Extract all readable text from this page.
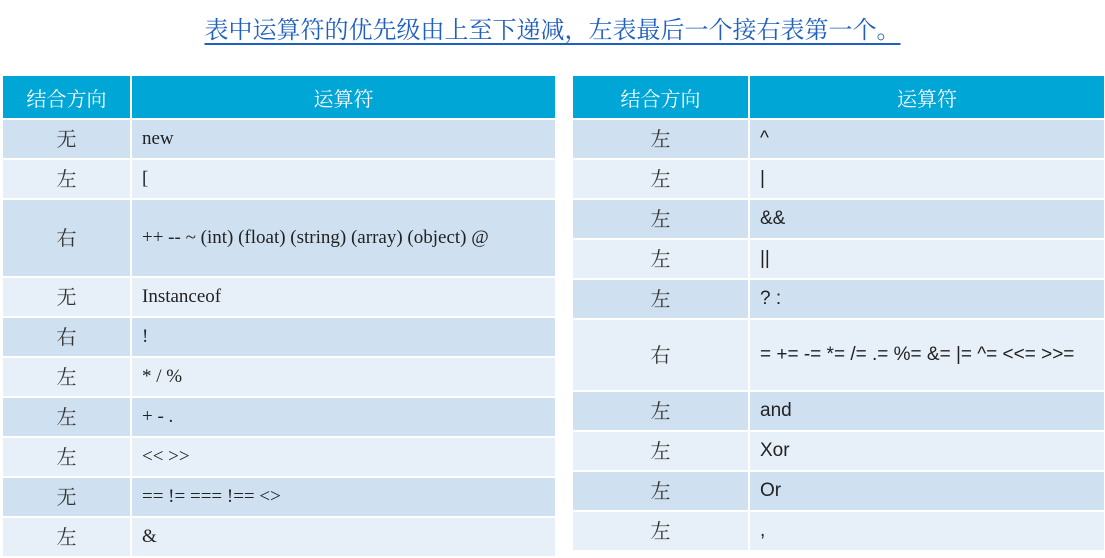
表中运算符的优先级由上至下递减，左表最后一个接右表第一个。
结合方向	运算符
无	new
左	[
右	++ -- ~ (int) (float) (string) (array) (object) @
无	Instanceof
右	!
左	* / %
左	+ - .
左	<< >>
无	== != === !== <>
左	&
结合方向	运算符
左	^
左	|
左	&&
左	||
左	? :
右	= += -= *= /= .= %= &= |= ^= <<= >>=
左	and
左	Xor
左	Or
左	,
